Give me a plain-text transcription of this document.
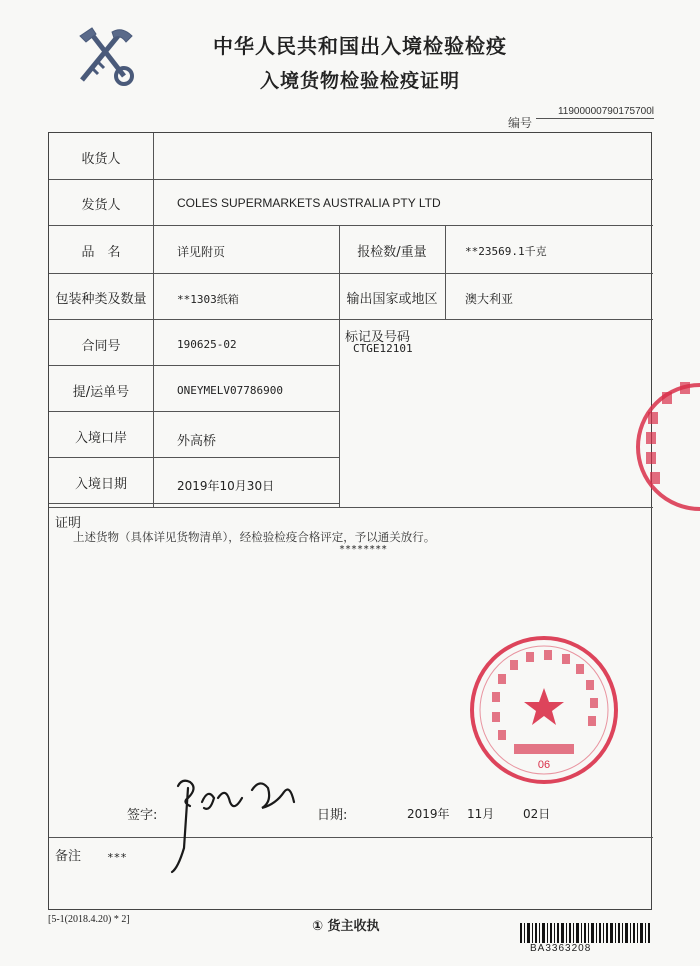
中华人民共和国出入境检验检疫
入境货物检验检疫证明
编号
11900000790175700l
收货人
发货人	COLES SUPERMARKETS AUSTRALIA PTY LTD
品　名	详见附页	报检数/重量	**23569.1千克
包装种类及数量	**1303纸箱	输出国家或地区	澳大利亚
合同号	190625-02	标记及号码
CTGE12101
提/运单号	ONEYMELV07786900
入境口岸	外高桥
入境日期	2019年10月30日
证明
上述货物（具体详见货物清单），经检验检疫合格评定，予以通关放行。
********
签字:	日期:	2019年 11月 02日
备注 ***
06
[5-1(2018.4.20) * 2]	① 货主收执
BA3363208
